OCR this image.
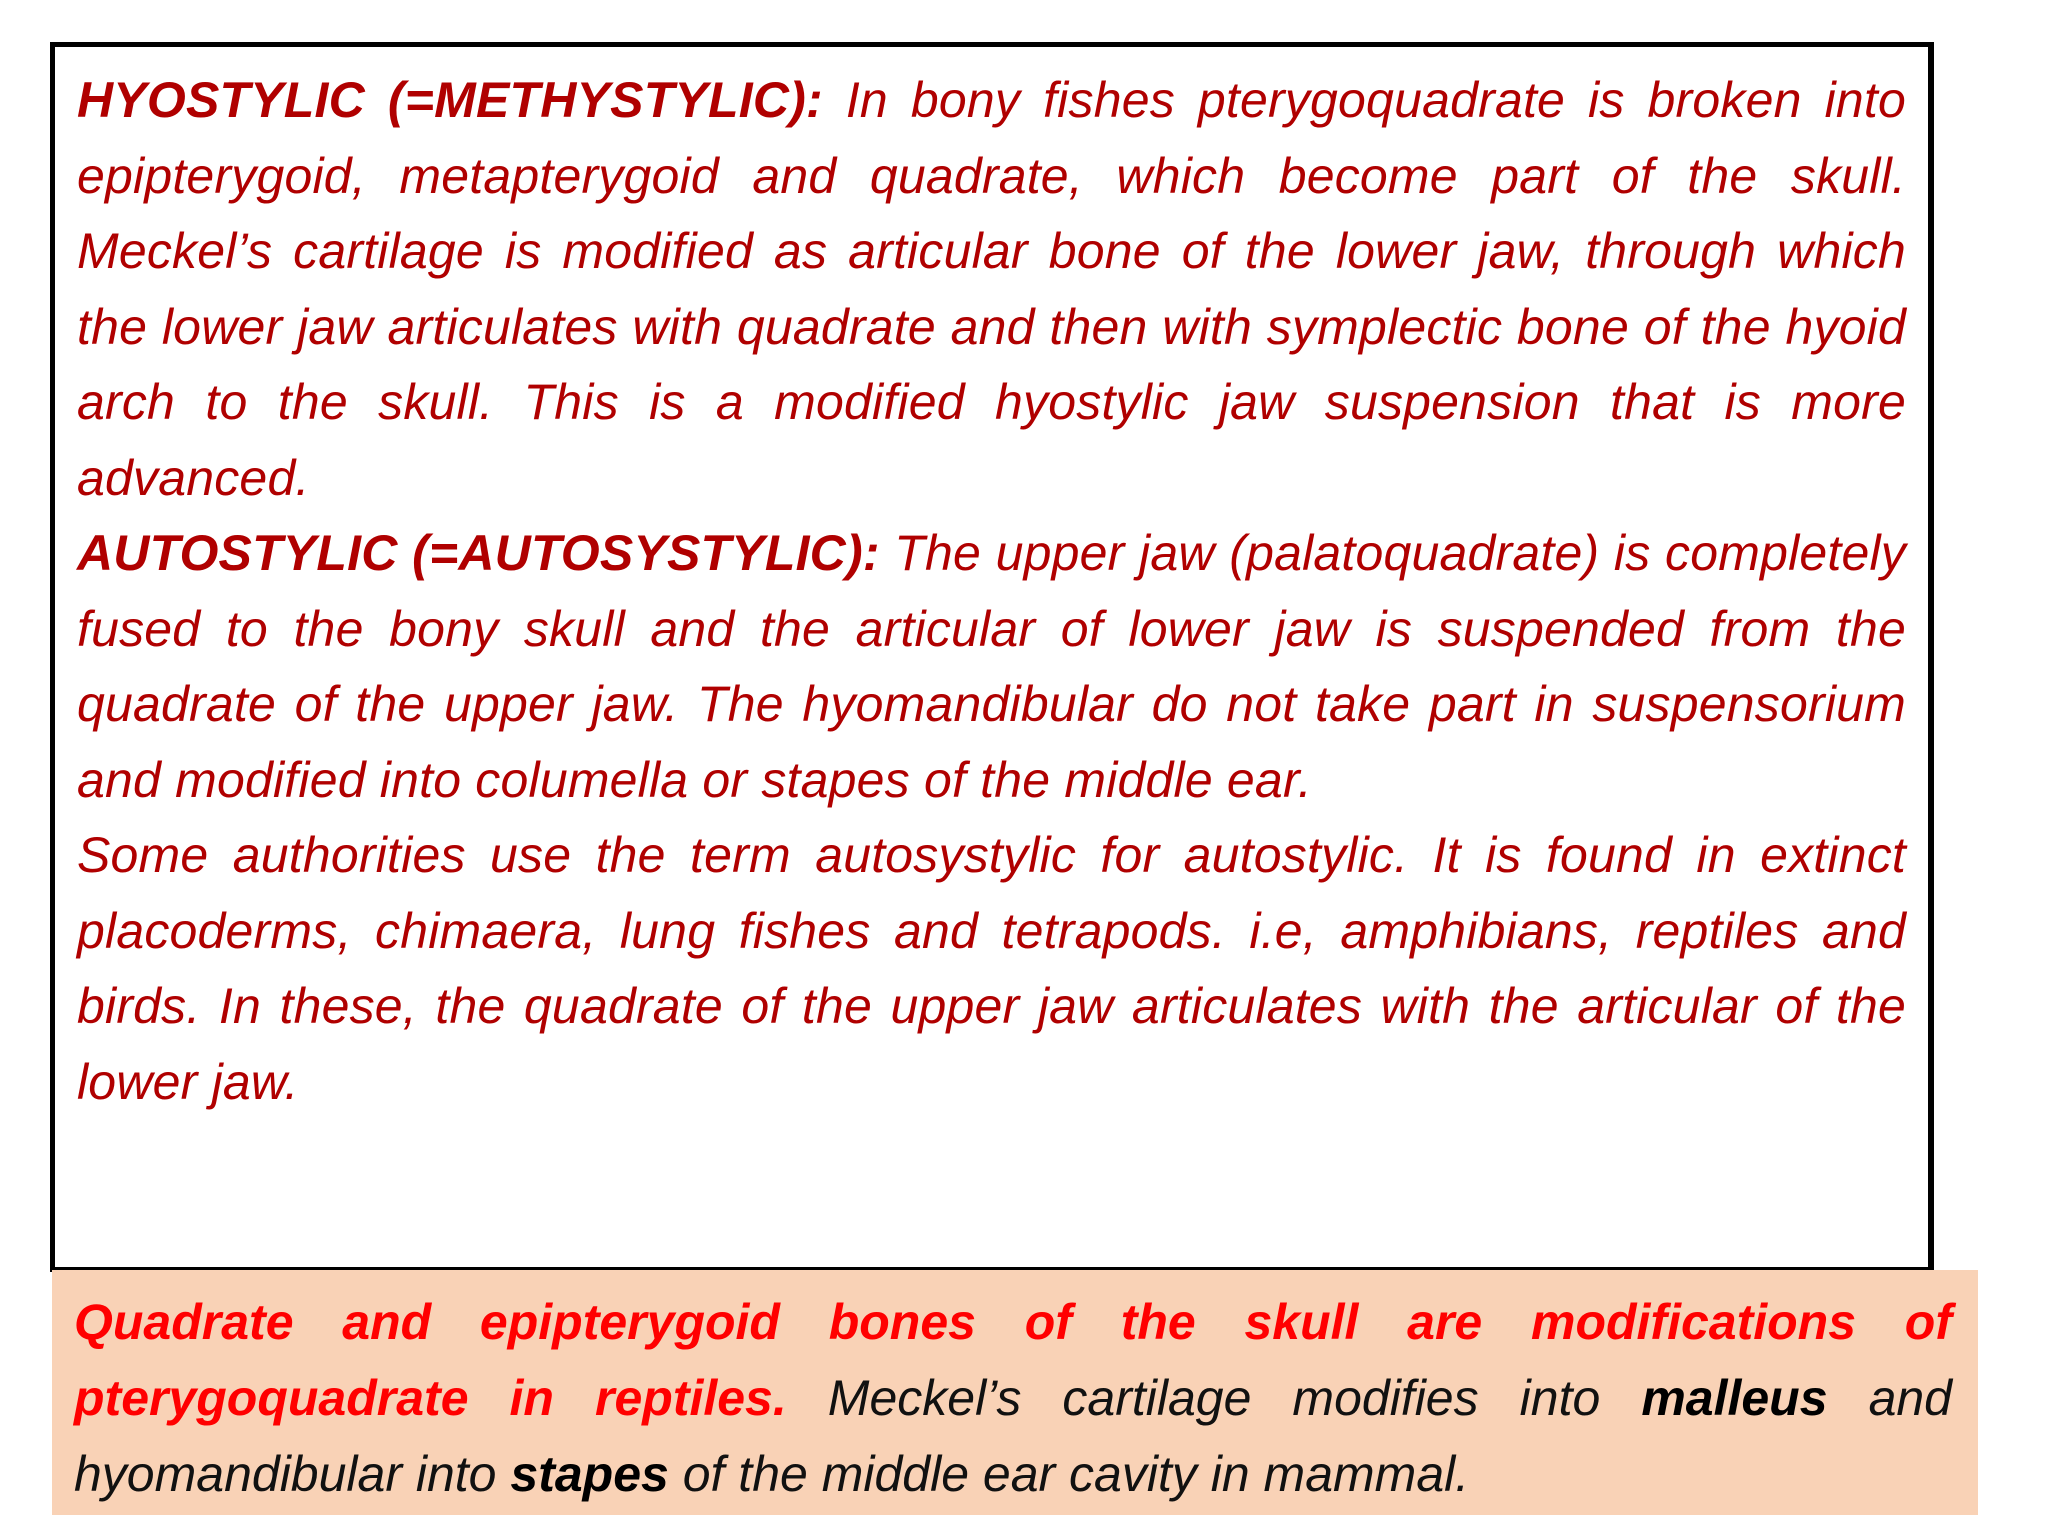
HYOSTYLIC (=METHYSTYLIC): In bony fishes pterygoquadrate is broken into epipterygoid, metapterygoid and quadrate, which become part of the skull. Meckel’s cartilage is modified as articular bone of the lower jaw, through which the lower jaw articulates with quadrate and then with symplectic bone of the hyoid arch to the skull. This is a modified hyostylic jaw suspension that is more advanced.

AUTOSTYLIC (=AUTOSYSTYLIC): The upper jaw (palatoquadrate) is completely fused to the bony skull and the articular of lower jaw is suspended from the quadrate of the upper jaw. The hyomandibular do not take part in suspensorium and modified into columella or stapes of the middle ear.

Some authorities use the term autosystylic for autostylic. It is found in extinct placoderms, chimaera, lung fishes and tetrapods. i.e, amphibians, reptiles and birds. In these, the quadrate of the upper jaw articulates with the articular of the lower jaw.

Quadrate and epipterygoid bones of the skull are modifications of pterygoquadrate in reptiles. Meckel’s cartilage modifies into malleus and hyomandibular into stapes of the middle ear cavity in mammal.
